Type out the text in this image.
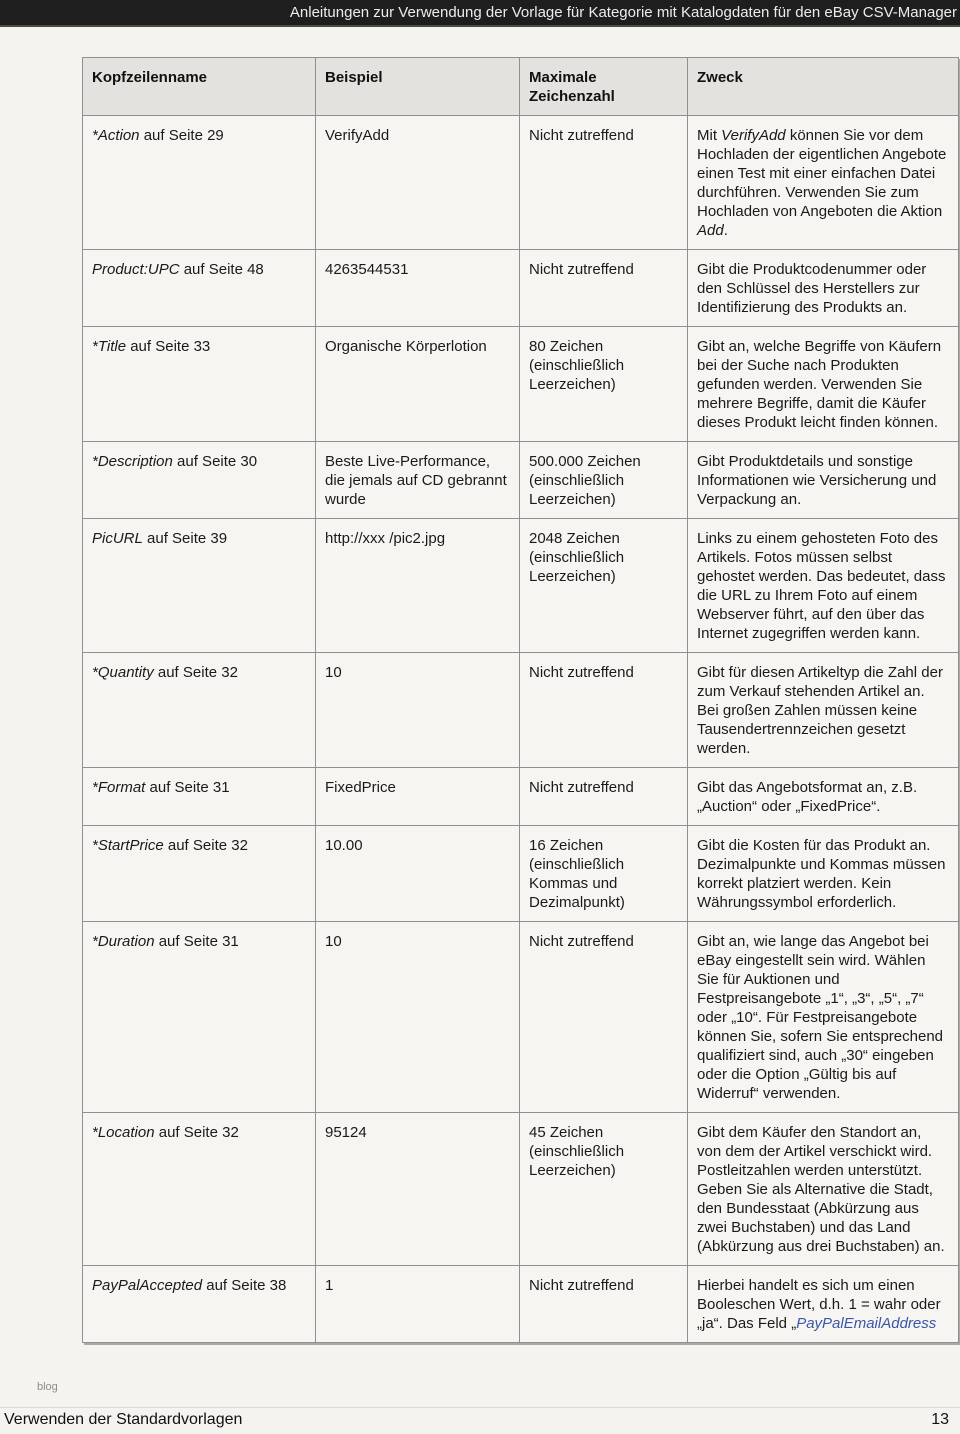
Anleitungen zur Verwendung der Vorlage für Kategorie mit Katalogdaten für den eBay CSV-Manager
Kopfzeilenname	Beispiel	Maximale Zeichenzahl	Zweck
*Action auf Seite 29	VerifyAdd	Nicht zutreffend	Mit VerifyAdd können Sie vor dem Hochladen der eigentlichen Angebote einen Test mit einer einfachen Datei durchführen. Verwenden Sie zum Hochladen von Angeboten die Aktion Add.
Product:UPC auf Seite 48	4263544531	Nicht zutreffend	Gibt die Produktcodenummer oder den Schlüssel des Herstellers zur Identifizierung des Produkts an.
*Title auf Seite 33	Organische Körperlotion	80 Zeichen (einschließlich Leerzeichen)	Gibt an, welche Begriffe von Käufern bei der Suche nach Produkten gefunden werden. Verwenden Sie mehrere Begriffe, damit die Käufer dieses Produkt leicht finden können.
*Description auf Seite 30	Beste Live-Performance, die jemals auf CD gebrannt wurde	500.000 Zeichen (einschließlich Leerzeichen)	Gibt Produktdetails und sonstige Informationen wie Versicherung und Verpackung an.
PicURL auf Seite 39	http://xxx /pic2.jpg	2048 Zeichen (einschließlich Leerzeichen)	Links zu einem gehosteten Foto des Artikels. Fotos müssen selbst gehostet werden. Das bedeutet, dass die URL zu Ihrem Foto auf einem Webserver führt, auf den über das Internet zugegriffen werden kann.
*Quantity auf Seite 32	10	Nicht zutreffend	Gibt für diesen Artikeltyp die Zahl der zum Verkauf stehenden Artikel an. Bei großen Zahlen müssen keine Tausendertrennzeichen gesetzt werden.
*Format auf Seite 31	FixedPrice	Nicht zutreffend	Gibt das Angebotsformat an, z.B. „Auction“ oder „FixedPrice“.
*StartPrice auf Seite 32	10.00	16 Zeichen (einschließlich Kommas und Dezimalpunkt)	Gibt die Kosten für das Produkt an. Dezimalpunkte und Kommas müssen korrekt platziert werden. Kein Währungssymbol erforderlich.
*Duration auf Seite 31	10	Nicht zutreffend	Gibt an, wie lange das Angebot bei eBay eingestellt sein wird. Wählen Sie für Auktionen und Festpreisangebote „1“, „3“, „5“, „7“ oder „10“. Für Festpreisangebote können Sie, sofern Sie entsprechend qualifiziert sind, auch „30“ eingeben oder die Option „Gültig bis auf Widerruf“ verwenden.
*Location auf Seite 32	95124	45 Zeichen (einschließlich Leerzeichen)	Gibt dem Käufer den Standort an, von dem der Artikel verschickt wird. Postleitzahlen werden unterstützt. Geben Sie als Alternative die Stadt, den Bundesstaat (Abkürzung aus zwei Buchstaben) und das Land (Abkürzung aus drei Buchstaben) an.
PayPalAccepted auf Seite 38	1	Nicht zutreffend	Hierbei handelt es sich um einen Booleschen Wert, d.h. 1 = wahr oder „ja“. Das Feld „PayPalEmailAddress
blog
Verwenden der Standardvorlagen	13
